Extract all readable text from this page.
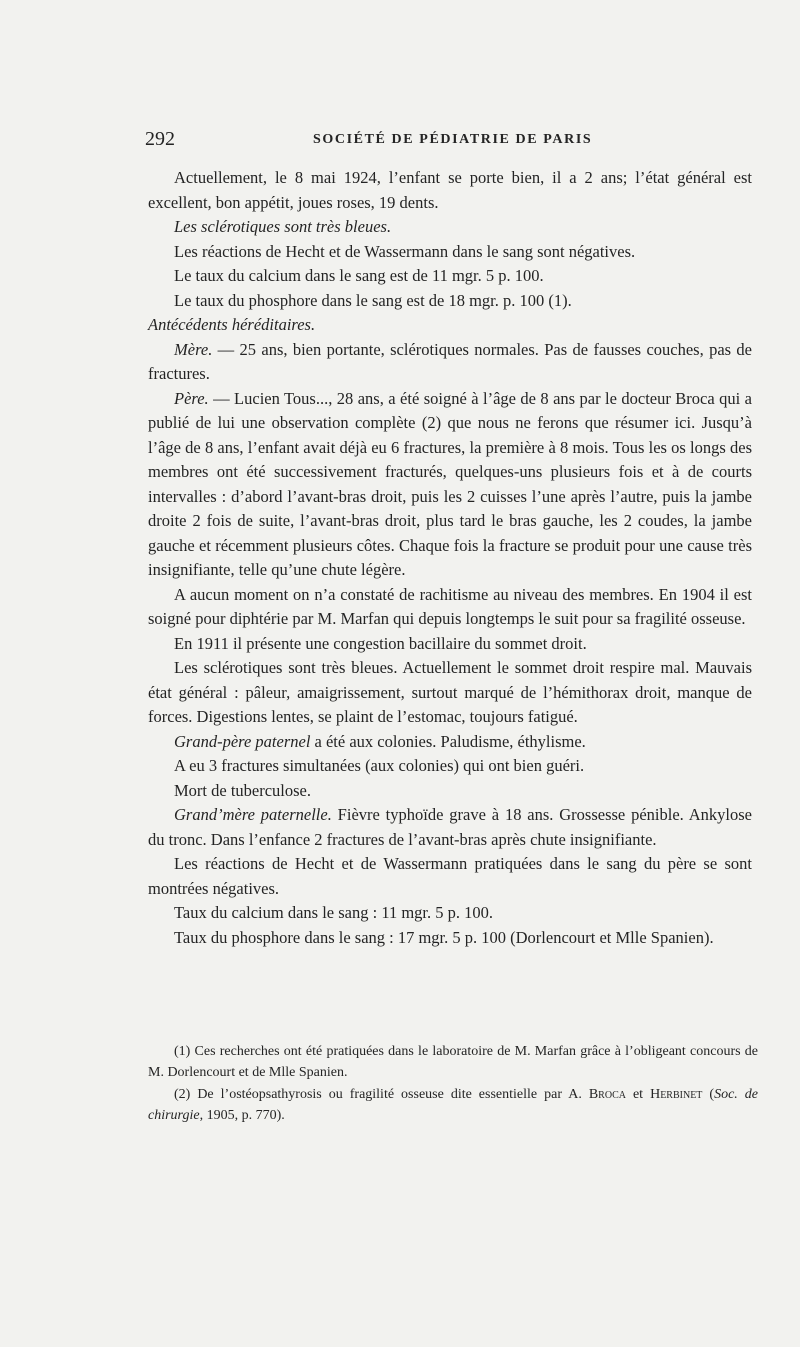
292	SOCIÉTÉ DE PÉDIATRIE DE PARIS

Actuellement, le 8 mai 1924, l’enfant se porte bien, il a 2 ans; l’état général est excellent, bon appétit, joues roses, 19 dents.

Les sclérotiques sont très bleues.

Les réactions de Hecht et de Wassermann dans le sang sont négatives.

Le taux du calcium dans le sang est de 11 mgr. 5 p. 100.

Le taux du phosphore dans le sang est de 18 mgr. p. 100 (1).

Antécédents héréditaires.

Mère. — 25 ans, bien portante, sclérotiques normales. Pas de fausses couches, pas de fractures.

Père. — Lucien Tous..., 28 ans, a été soigné à l’âge de 8 ans par le docteur Broca qui a publié de lui une observation complète (2) que nous ne ferons que résumer ici. Jusqu’à l’âge de 8 ans, l’enfant avait déjà eu 6 fractures, la première à 8 mois. Tous les os longs des membres ont été successivement fracturés, quelques-uns plusieurs fois et à de courts intervalles : d’abord l’avant-bras droit, puis les 2 cuisses l’une après l’autre, puis la jambe droite 2 fois de suite, l’avant-bras droit, plus tard le bras gauche, les 2 coudes, la jambe gauche et récemment plusieurs côtes. Chaque fois la fracture se produit pour une cause très insignifiante, telle qu’une chute légère.

A aucun moment on n’a constaté de rachitisme au niveau des membres. En 1904 il est soigné pour diphtérie par M. Marfan qui depuis longtemps le suit pour sa fragilité osseuse.

En 1911 il présente une congestion bacillaire du sommet droit.

Les sclérotiques sont très bleues. Actuellement le sommet droit respire mal. Mauvais état général : pâleur, amaigrissement, surtout marqué de l’hémithorax droit, manque de forces. Digestions lentes, se plaint de l’estomac, toujours fatigué.

Grand-père paternel a été aux colonies. Paludisme, éthylisme.

A eu 3 fractures simultanées (aux colonies) qui ont bien guéri.

Mort de tuberculose.

Grand’mère paternelle. Fièvre typhoïde grave à 18 ans. Grossesse pénible. Ankylose du tronc. Dans l’enfance 2 fractures de l’avant-bras après chute insignifiante.

Les réactions de Hecht et de Wassermann pratiquées dans le sang du père se sont montrées négatives.

Taux du calcium dans le sang : 11 mgr. 5 p. 100.

Taux du phosphore dans le sang : 17 mgr. 5 p. 100 (Dorlencourt et Mlle Spanien).

(1) Ces recherches ont été pratiquées dans le laboratoire de M. Marfan grâce à l’obligeant concours de M. Dorlencourt et de Mlle Spanien.

(2) De l’ostéopsathyrosis ou fragilité osseuse dite essentielle par A. Broca et Herbinet (Soc. de chirurgie, 1905, p. 770).
